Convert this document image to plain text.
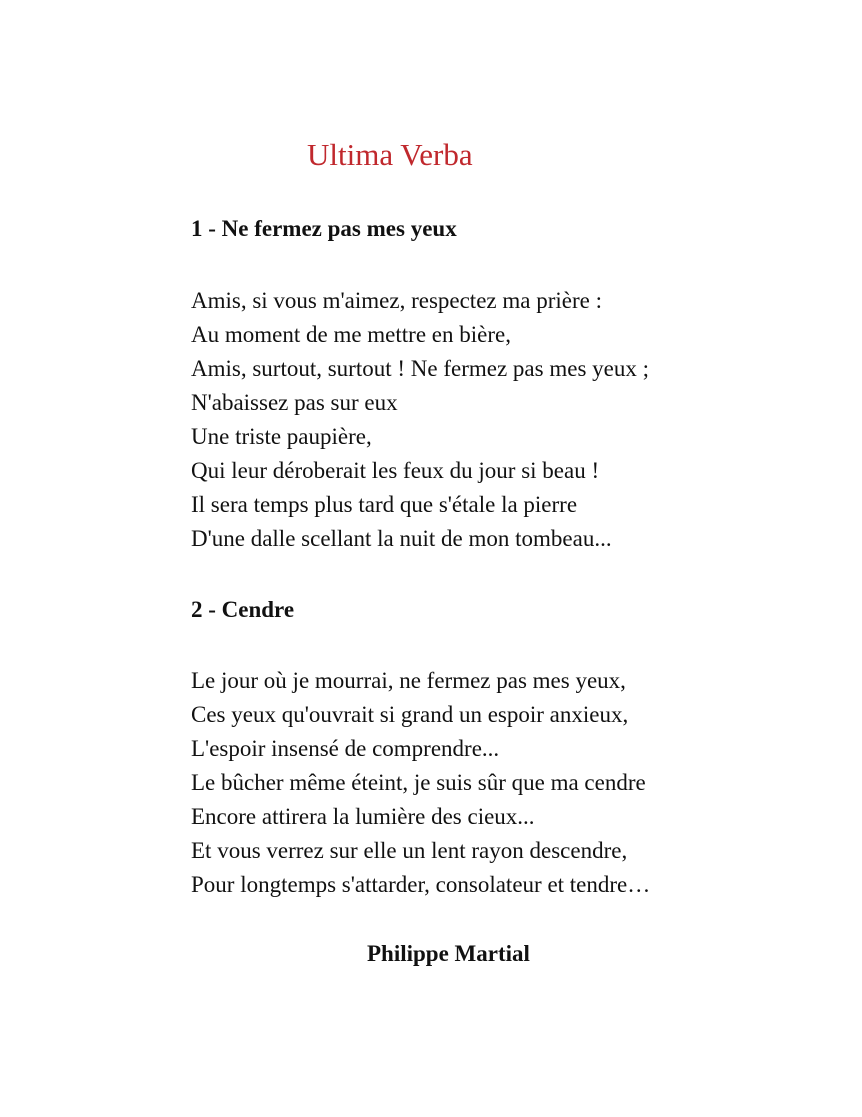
Ultima Verba
1 - Ne fermez pas mes yeux
Amis, si vous m'aimez, respectez ma prière :
Au moment de me mettre en bière,
Amis, surtout, surtout ! Ne fermez pas mes yeux ;
N'abaissez pas sur eux
Une triste paupière,
Qui leur déroberait les feux du jour si beau !
Il sera temps plus tard que s'étale la pierre
D'une dalle scellant la nuit de mon tombeau...
2 - Cendre
Le jour où je mourrai, ne fermez pas mes yeux,
Ces yeux qu'ouvrait si grand un espoir anxieux,
L'espoir insensé de comprendre...
Le bûcher même éteint, je suis sûr que ma cendre
Encore attirera la lumière des cieux...
Et vous verrez sur elle un lent rayon descendre,
Pour longtemps s'attarder, consolateur et tendre…
Philippe Martial
